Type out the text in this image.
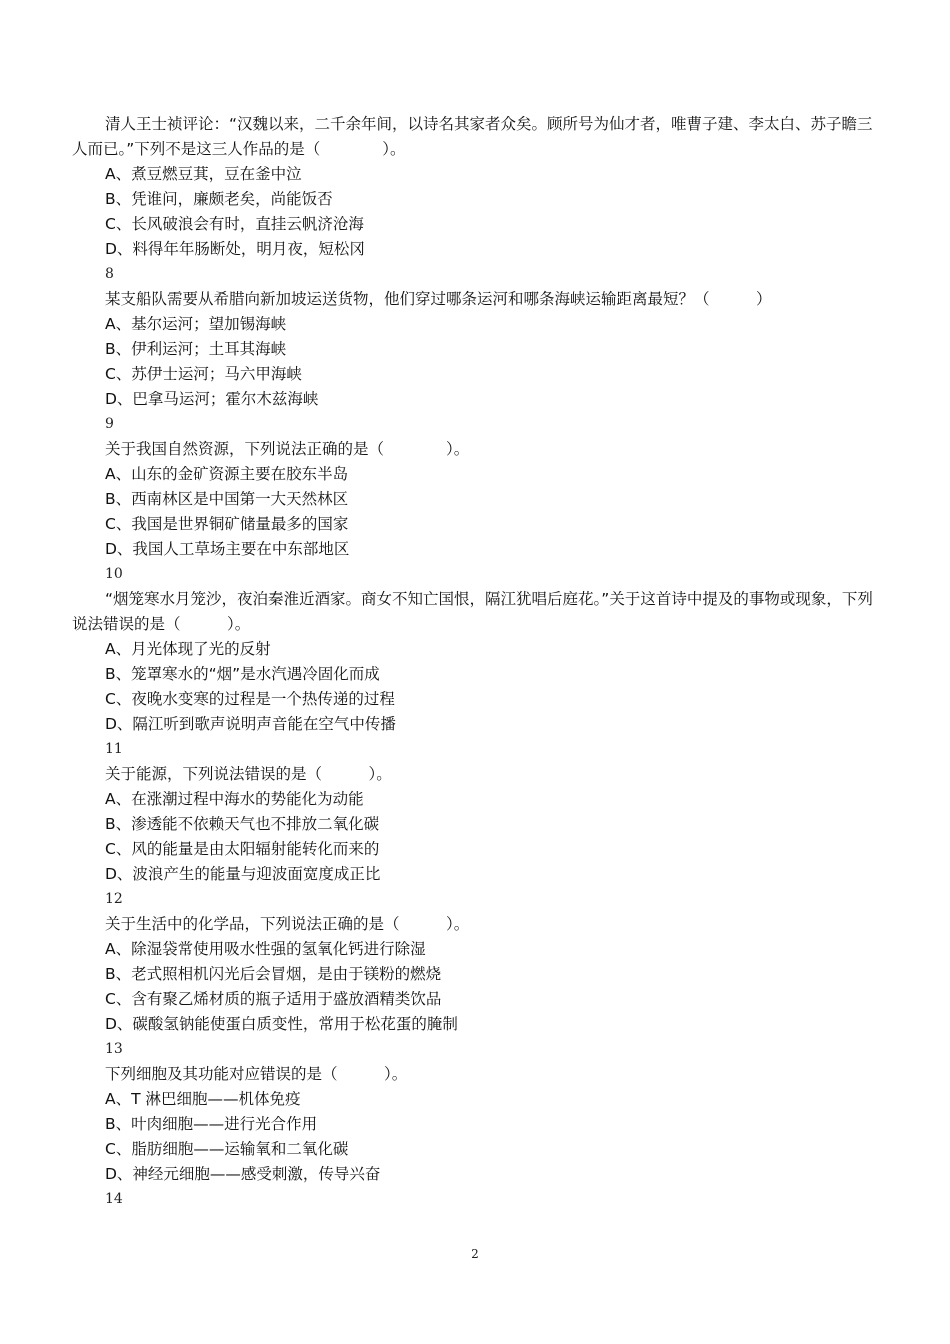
清人王士祯评论：“汉魏以来，二千余年间，以诗名其家者众矣。顾所号为仙才者，唯曹子建、李太白、苏子瞻三人而已。”下列不是这三人作品的是（　　　　）。
A、煮豆燃豆萁，豆在釜中泣
B、凭谁问，廉颇老矣，尚能饭否
C、长风破浪会有时，直挂云帆济沧海
D、料得年年肠断处，明月夜，短松冈
8
某支船队需要从希腊向新加坡运送货物，他们穿过哪条运河和哪条海峡运输距离最短？（　　　）
A、基尔运河；望加锡海峡
B、伊利运河；土耳其海峡
C、苏伊士运河；马六甲海峡
D、巴拿马运河；霍尔木兹海峡
9
关于我国自然资源，下列说法正确的是（　　　　）。
A、山东的金矿资源主要在胶东半岛
B、西南林区是中国第一大天然林区
C、我国是世界铜矿储量最多的国家
D、我国人工草场主要在中东部地区
10
“烟笼寒水月笼沙，夜泊秦淮近酒家。商女不知亡国恨，隔江犹唱后庭花。”关于这首诗中提及的事物或现象，下列说法错误的是（　　　）。
A、月光体现了光的反射
B、笼罩寒水的“烟”是水汽遇冷固化而成
C、夜晚水变寒的过程是一个热传递的过程
D、隔江听到歌声说明声音能在空气中传播
11
关于能源，下列说法错误的是（　　　）。
A、在涨潮过程中海水的势能化为动能
B、渗透能不依赖天气也不排放二氧化碳
C、风的能量是由太阳辐射能转化而来的
D、波浪产生的能量与迎波面宽度成正比
12
关于生活中的化学品，下列说法正确的是（　　　）。
A、除湿袋常使用吸水性强的氢氧化钙进行除湿
B、老式照相机闪光后会冒烟，是由于镁粉的燃烧
C、含有聚乙烯材质的瓶子适用于盛放酒精类饮品
D、碳酸氢钠能使蛋白质变性，常用于松花蛋的腌制
13
下列细胞及其功能对应错误的是（　　　）。
A、T 淋巴细胞——机体免疫
B、叶肉细胞——进行光合作用
C、脂肪细胞——运输氧和二氧化碳
D、神经元细胞——感受刺激，传导兴奋
14
2
